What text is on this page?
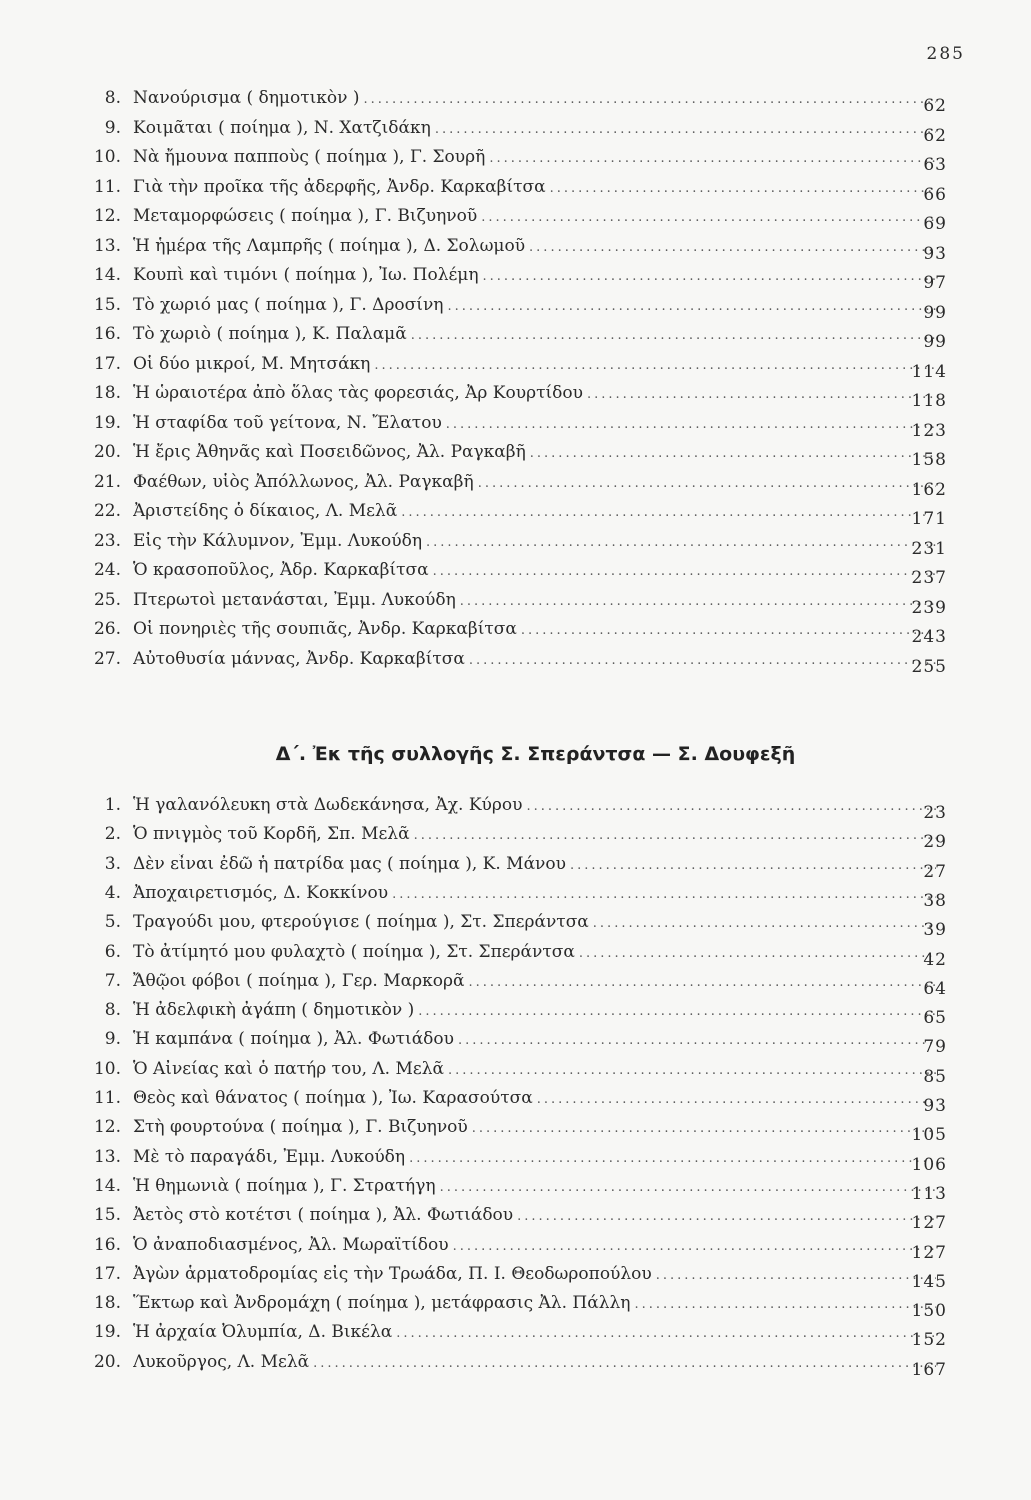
285
8. Νανούρισμα ( δημοτικὸν ) .....	62
9. Κοιμᾶται ( ποίημα ), Ν. Χατζιδάκη .....	62
10. Νὰ ἤμουνα παπποὺς ( ποίημα ), Γ. Σουρῆ .....	63
11. Γιὰ τὴν προῖκα τῆς ἀδερφῆς, Ἀνδρ. Καρκαβίτσα .....	66
12. Μεταμορφώσεις ( ποίημα ), Γ. Βιζυηνοῦ .....	69
13. Ἡ ἡμέρα τῆς Λαμπρῆς ( ποίημα ), Δ. Σολωμοῦ .....	93
14. Κουπὶ καὶ τιμόνι ( ποίημα ), Ἰω. Πολέμη .....	97
15. Τὸ χωριό μας ( ποίημα ), Γ. Δροσίνη .....	99
16. Τὸ χωριὸ ( ποίημα ), Κ. Παλαμᾶ .....	99
17. Οἱ δύο μικροί, Μ. Μητσάκη .....	114
18. Ἡ ὡραιοτέρα ἀπὸ ὅλας τὰς φορεσιάς, Ἀρ Κουρτίδου .....	118
19. Ἡ σταφίδα τοῦ γείτονα, Ν. Ἔλατου .....	123
20. Ἡ ἔρις Ἀθηνᾶς καὶ Ποσειδῶνος, Ἀλ. Ραγκαβῆ .....	158
21. Φαέθων, υἱὸς Ἀπόλλωνος, Ἀλ. Ραγκαβῆ .....	162
22. Ἀριστείδης ὁ δίκαιος, Λ. Μελᾶ .....	171
23. Εἰς τὴν Κάλυμνον, Ἐμμ. Λυκούδη .....	231
24. Ὁ κρασοποῦλος, Ἀδρ. Καρκαβίτσα .....	237
25. Πτερωτοὶ μετανάσται, Ἐμμ. Λυκούδη .....	239
26. Οἱ πονηριὲς τῆς σουπιᾶς, Ἀνδρ. Καρκαβίτσα .....	243
27. Αὐτοθυσία μάννας, Ἀνδρ. Καρκαβίτσα .....	255
Δ΄. Ἐκ τῆς συλλογῆς Σ. Σπεράντσα — Σ. Δουφεξῆ
1. Ἡ γαλανόλευκη στὰ Δωδεκάνησα, Ἀχ. Κύρου .....	23
2. Ὁ πνιγμὸς τοῦ Κορδῆ, Σπ. Μελᾶ .....	29
3. Δὲν εἶναι ἐδῶ ἡ πατρίδα μας ( ποίημα ), Κ. Μάνου .....	27
4. Ἀποχαιρετισμός, Δ. Κοκκίνου .....	38
5. Τραγούδι μου, φτερούγισε ( ποίημα ), Στ. Σπεράντσα .....	39
6. Τὸ ἀτίμητό μου φυλαχτὸ ( ποίημα ), Στ. Σπεράντσα .....	42
7. Ἄθῷοι φόβοι ( ποίημα ), Γερ. Μαρκορᾶ .....	64
8. Ἡ ἀδελφικὴ ἀγάπη ( δημοτικὸν ) .....	65
9. Ἡ καμπάνα ( ποίημα ), Ἀλ. Φωτιάδου .....	79
10. Ὁ Αἰνείας καὶ ὁ πατήρ του, Λ. Μελᾶ .....	85
11. Θεὸς καὶ θάνατος ( ποίημα ), Ἰω. Καρασούτσα .....	93
12. Στὴ φουρτούνα ( ποίημα ), Γ. Βιζυηνοῦ .....	105
13. Μὲ τὸ παραγάδι, Ἐμμ. Λυκούδη .....	106
14. Ἡ θημωνιὰ ( ποίημα ), Γ. Στρατήγη .....	113
15. Ἀετὸς στὸ κοτέτσι ( ποίημα ), Ἀλ. Φωτιάδου .....	127
16. Ὁ ἀναποδιασμένος, Ἀλ. Μωραϊτίδου .....	127
17. Ἀγὼν ἁρματοδρομίας εἰς τὴν Τρωάδα, Π. Ι. Θεοδωροπούλου .....	145
18. Ἕκτωρ καὶ Ἀνδρομάχη ( ποίημα ), μετάφρασις Ἀλ. Πάλλη .....	150
19. Ἡ ἀρχαία Ὀλυμπία, Δ. Βικέλα .....	152
20. Λυκοῦργος, Λ. Μελᾶ .....	167
